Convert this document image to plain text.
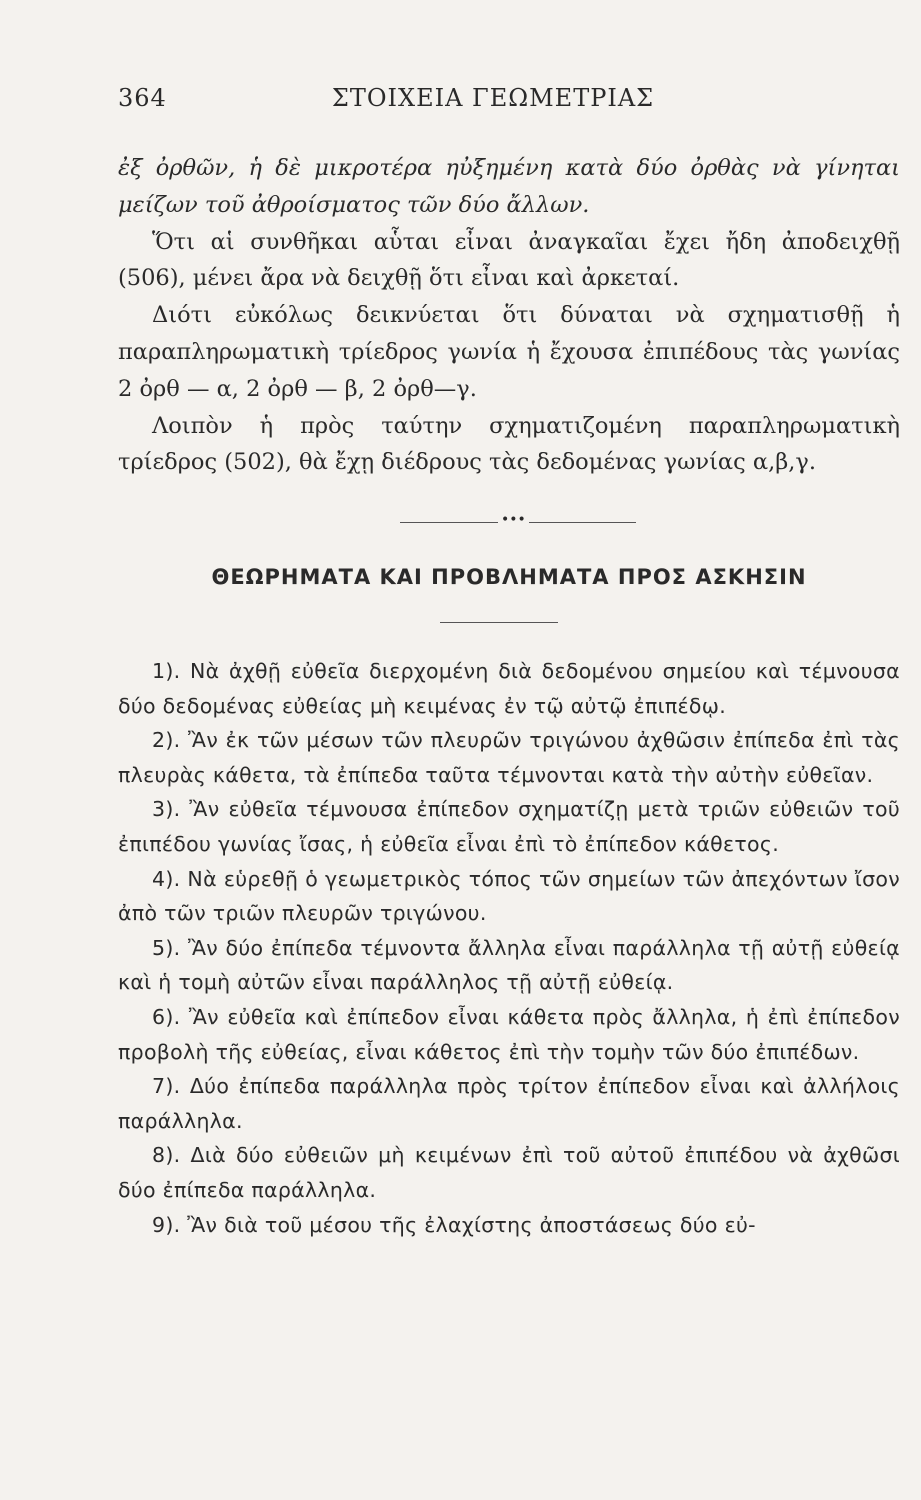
364	ΣΤΟΙΧΕΙΑ ΓΕΩΜΕΤΡΙΑΣ

ἐξ ὀρθῶν, ἡ δὲ μικροτέρα ηὐξημένη κατὰ δύο ὀρθὰς νὰ γίνηται μείζων τοῦ ἀθροίσματος τῶν δύο ἄλλων.

Ὅτι αἱ συνθῆκαι αὗται εἶναι ἀναγκαῖαι ἔχει ἤδη ἀποδειχθῇ (506), μένει ἄρα νὰ δειχθῇ ὅτι εἶναι καὶ ἀρκεταί.

Διότι εὐκόλως δεικνύεται ὅτι δύναται νὰ σχηματισθῇ ἡ παραπληρωματικὴ τρίεδρος γωνία ἡ ἔχουσα ἐπιπέδους τὰς γωνίας 2 ὀρθ — α, 2 ὀρθ — β, 2 ὀρθ—γ.

Λοιπὸν ἡ πρὸς ταύτην σχηματιζομένη παραπληρωματικὴ τρίεδρος (502), θὰ ἔχῃ διέδρους τὰς δεδομένας γωνίας α,β,γ.

•••
ΘΕΩΡΗΜΑΤΑ ΚΑΙ ΠΡΟΒΛΗΜΑΤΑ ΠΡΟΣ ΑΣΚΗΣΙΝ

1). Νὰ ἀχθῇ εὐθεῖα διερχομένη διὰ δεδομένου σημείου καὶ τέμνουσα δύο δεδομένας εὐθείας μὴ κειμένας ἐν τῷ αὐτῷ ἐπιπέδῳ.

2). Ἂν ἐκ τῶν μέσων τῶν πλευρῶν τριγώνου ἀχθῶσιν ἐπίπεδα ἐπὶ τὰς πλευρὰς κάθετα, τὰ ἐπίπεδα ταῦτα τέμνονται κατὰ τὴν αὐτὴν εὐθεῖαν.

3). Ἂν εὐθεῖα τέμνουσα ἐπίπεδον σχηματίζῃ μετὰ τριῶν εὐθειῶν τοῦ ἐπιπέδου γωνίας ἴσας, ἡ εὐθεῖα εἶναι ἐπὶ τὸ ἐπίπεδον κάθετος.

4). Νὰ εὑρεθῇ ὁ γεωμετρικὸς τόπος τῶν σημείων τῶν ἀπεχόντων ἴσον ἀπὸ τῶν τριῶν πλευρῶν τριγώνου.

5). Ἂν δύο ἐπίπεδα τέμνοντα ἄλληλα εἶναι παράλληλα τῇ αὐτῇ εὐθείᾳ καὶ ἡ τομὴ αὐτῶν εἶναι παράλληλος τῇ αὐτῇ εὐθείᾳ.

6). Ἂν εὐθεῖα καὶ ἐπίπεδον εἶναι κάθετα πρὸς ἄλληλα, ἡ ἐπὶ ἐπίπεδον προβολὴ τῆς εὐθείας, εἶναι κάθετος ἐπὶ τὴν τομὴν τῶν δύο ἐπιπέδων.

7). Δύο ἐπίπεδα παράλληλα πρὸς τρίτον ἐπίπεδον εἶναι καὶ ἀλλήλοις παράλληλα.

8). Διὰ δύο εὐθειῶν μὴ κειμένων ἐπὶ τοῦ αὐτοῦ ἐπιπέδου νὰ ἀχθῶσι δύο ἐπίπεδα παράλληλα.

9). Ἂν διὰ τοῦ μέσου τῆς ἐλαχίστης ἀποστάσεως δύο εὐ-
